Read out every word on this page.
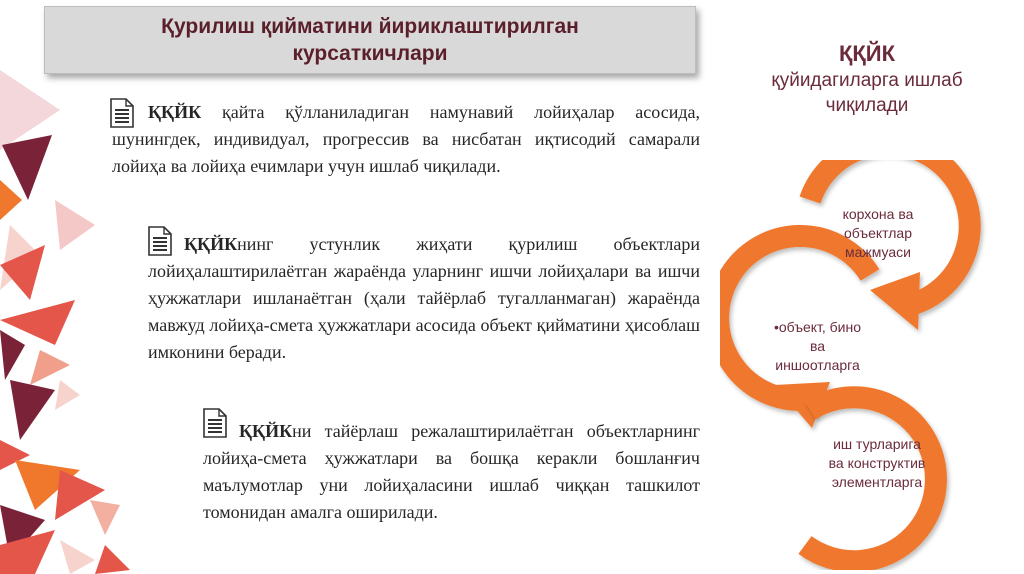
Қурилиш қийматини йириклаштирилган
курсаткичлари
ҚҚЙК қайта қўлланиладиган намунавий лойиҳалар асосида, шунингдек, индивидуал, прогрессив ва нисбатан иқтисодий самарали лойиҳа ва лойиҳа ечимлари учун ишлаб чиқилади.
ҚҚЙКнинг устунлик жиҳати қурилиш объектлари лойиҳалаштирилаётган жараёнда уларнинг ишчи лойиҳалари ва ишчи ҳужжатлари ишланаётган (ҳали тайёрлаб тугалланмаган) жараёнда мавжуд лойиҳа-смета ҳужжатлари асосида объект қийматини ҳисоблаш имконини беради.
ҚҚЙКни тайёрлаш режалаштирилаётган объектларнинг лойиҳа-смета ҳужжатлари ва бошқа керакли бошланғич маълумотлар уни лойиҳаласини ишлаб чиққан ташкилот томонидан амалга оширилади.
ҚҚЙК
қуйидагиларга ишлаб
чиқилади
корхона ва
объектлар
мажмуаси
•объект, бино
ва
иншоотларга
иш турларига
ва конструктив
элементларга
